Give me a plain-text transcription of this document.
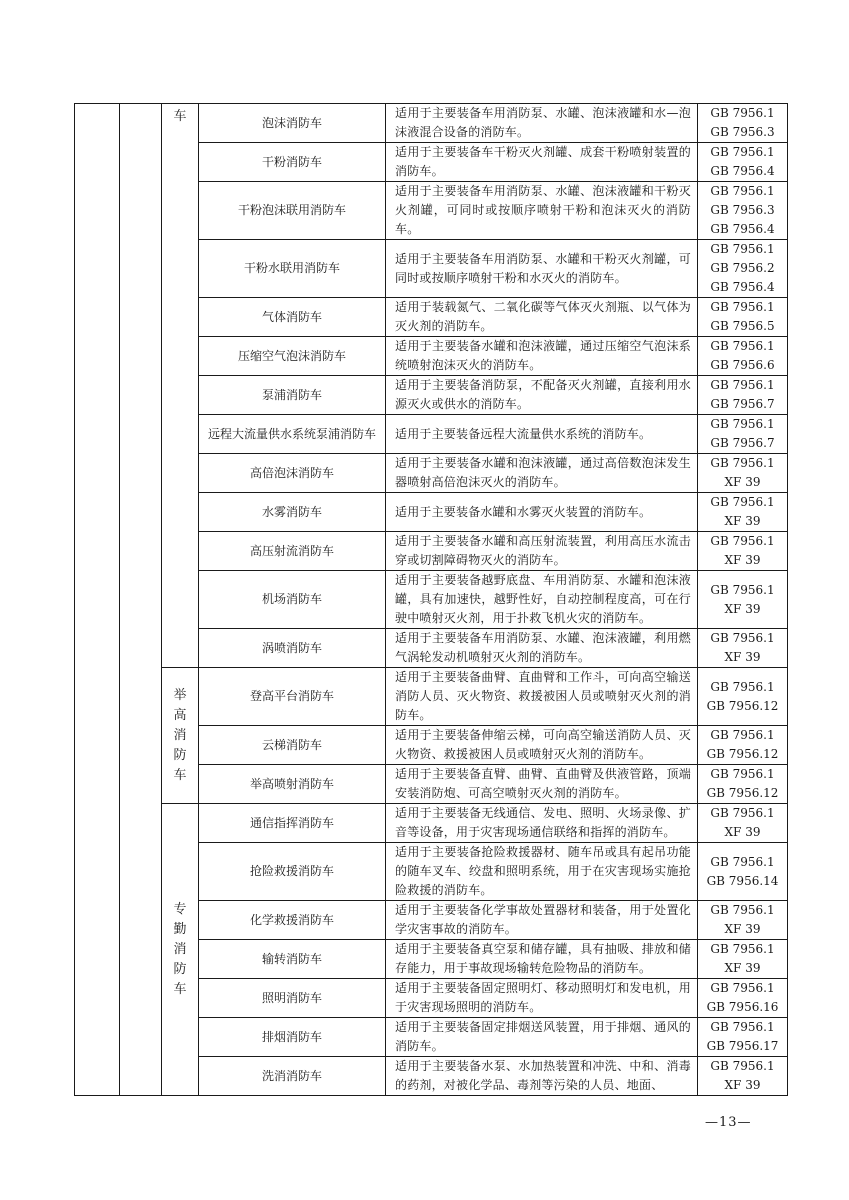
		车	泡沫消防车	适用于主要装备车用消防泵、水罐、泡沫液罐和水—泡沫液混合设备的消防车。	GB 7956.1
GB 7956.3

			干粉消防车	适用于主要装备车干粉灭火剂罐、成套干粉喷射装置的消防车。	GB 7956.1
GB 7956.4

			干粉泡沫联用消防车	适用于主要装备车用消防泵、水罐、泡沫液罐和干粉灭火剂罐，可同时或按顺序喷射干粉和泡沫灭火的消防车。	GB 7956.1
GB 7956.3
GB 7956.4

			干粉水联用消防车	适用于主要装备车用消防泵、水罐和干粉灭火剂罐，可同时或按顺序喷射干粉和水灭火的消防车。	GB 7956.1
GB 7956.2
GB 7956.4

			气体消防车	适用于装载氮气、二氧化碳等气体灭火剂瓶、以气体为灭火剂的消防车。	GB 7956.1
GB 7956.5

			压缩空气泡沫消防车	适用于主要装备水罐和泡沫液罐，通过压缩空气泡沫系统喷射泡沫灭火的消防车。	GB 7956.1
GB 7956.6

			泵浦消防车	适用于主要装备消防泵，不配备灭火剂罐，直接利用水源灭火或供水的消防车。	GB 7956.1
GB 7956.7

			远程大流量供水系统泵浦消防车	适用于主要装备远程大流量供水系统的消防车。	GB 7956.1
GB 7956.7

			高倍泡沫消防车	适用于主要装备水罐和泡沫液罐，通过高倍数泡沫发生器喷射高倍泡沫灭火的消防车。	GB 7956.1
XF 39

			水雾消防车	适用于主要装备水罐和水雾灭火装置的消防车。	GB 7956.1
XF 39

			高压射流消防车	适用于主要装备水罐和高压射流装置，利用高压水流击穿或切割障碍物灭火的消防车。	GB 7956.1
XF 39

			机场消防车	适用于主要装备越野底盘、车用消防泵、水罐和泡沫液罐，具有加速快，越野性好，自动控制程度高，可在行驶中喷射灭火剂，用于扑救飞机火灾的消防车。	GB 7956.1
XF 39

			涡喷消防车	适用于主要装备车用消防泵、水罐、泡沫液罐，利用燃气涡轮发动机喷射灭火剂的消防车。	GB 7956.1
XF 39

		举高消防车	登高平台消防车	适用于主要装备曲臂、直曲臂和工作斗，可向高空输送消防人员、灭火物资、救援被困人员或喷射灭火剂的消防车。	GB 7956.1
GB 7956.12

			云梯消防车	适用于主要装备伸缩云梯，可向高空输送消防人员、灭火物资、救援被困人员或喷射灭火剂的消防车。	GB 7956.1
GB 7956.12

			举高喷射消防车	适用于主要装备直臂、曲臂、直曲臂及供液管路，顶端安装消防炮、可高空喷射灭火剂的消防车。	GB 7956.1
GB 7956.12

		专勤消防车	通信指挥消防车	适用于主要装备无线通信、发电、照明、火场录像、扩音等设备，用于灾害现场通信联络和指挥的消防车。	GB 7956.1
XF 39

			抢险救援消防车	适用于主要装备抢险救援器材、随车吊或具有起吊功能的随车叉车、绞盘和照明系统，用于在灾害现场实施抢险救援的消防车。	GB 7956.1
GB 7956.14

			化学救援消防车	适用于主要装备化学事故处置器材和装备，用于处置化学灾害事故的消防车。	GB 7956.1
XF 39

			输转消防车	适用于主要装备真空泵和储存罐，具有抽吸、排放和储存能力，用于事故现场输转危险物品的消防车。	GB 7956.1
XF 39

			照明消防车	适用于主要装备固定照明灯、移动照明灯和发电机，用于灾害现场照明的消防车。	GB 7956.1
GB 7956.16

			排烟消防车	适用于主要装备固定排烟送风装置，用于排烟、通风的消防车。	GB 7956.1
GB 7956.17

			洗消消防车	适用于主要装备水泵、水加热装置和冲洗、中和、消毒的药剂，对被化学品、毒剂等污染的人员、地面、	GB 7956.1
XF 39
—13—
